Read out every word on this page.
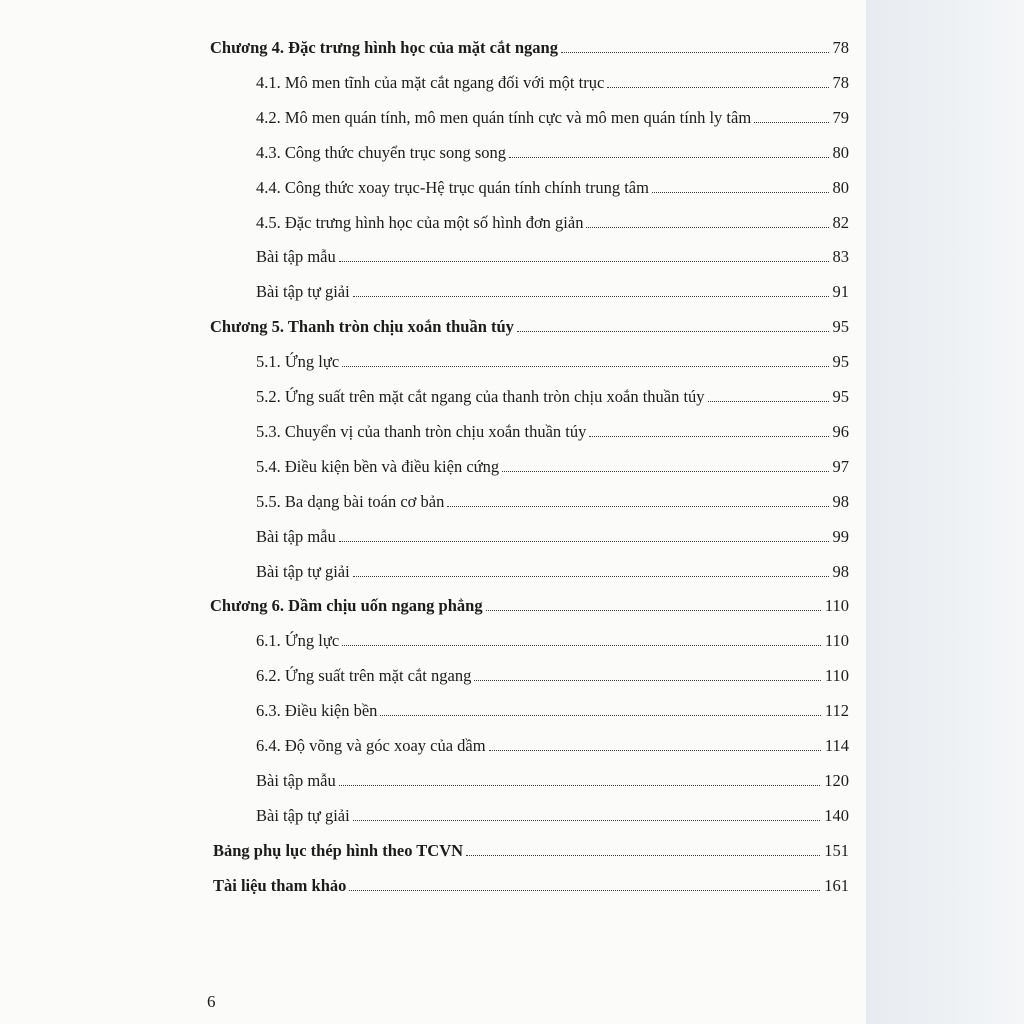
Chương 4. Đặc trưng hình học của mặt cắt ngang	78
4.1. Mô men tĩnh của mặt cắt ngang đối với một trục	78
4.2. Mô men quán tính, mô men quán tính cực và mô men quán tính ly tâm	79
4.3. Công thức chuyển trục song song	80
4.4. Công thức xoay trục-Hệ trục quán tính chính trung tâm	80
4.5. Đặc trưng hình học của một số hình đơn giản	82
Bài tập mẫu	83
Bài tập tự giải	91
Chương 5. Thanh tròn chịu xoắn thuần túy	95
5.1. Ứng lực	95
5.2. Ứng suất trên mặt cắt ngang của thanh tròn chịu xoắn thuần túy	95
5.3. Chuyển vị của thanh tròn chịu xoắn thuần túy	96
5.4. Điều kiện bền và điều kiện cứng	97
5.5. Ba dạng bài toán cơ bản	98
Bài tập mẫu	99
Bài tập tự giải	98
Chương 6. Dầm chịu uốn ngang phẳng	110
6.1. Ứng lực	110
6.2. Ứng suất trên mặt cắt ngang	110
6.3. Điều kiện bền	112
6.4. Độ võng và góc xoay của dầm	114
Bài tập mẫu	120
Bài tập tự giải	140
Bảng phụ lục thép hình theo TCVN	151
Tài liệu tham khảo	161
6
